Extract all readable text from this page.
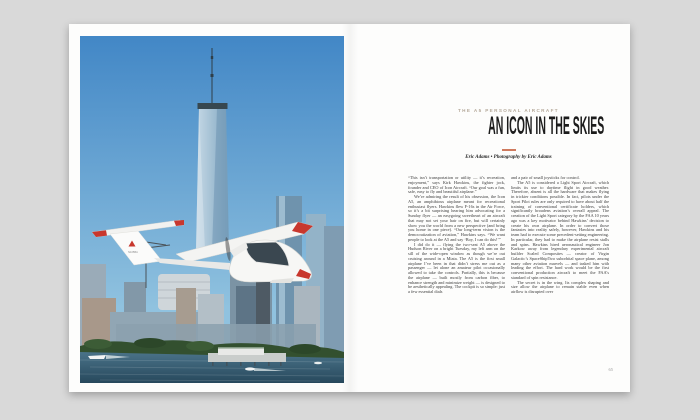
N105BA
THE A5 PERSONAL AIRCRAFT
AN ICON IN THE SKIES
Eric Adams • Photography by Eric Adams

“This isn’t transportation or utility — it’s recreation, enjoyment,” says Kirk Hawkins, the fighter jock, founder and CEO of Icon Aircraft. “Our goal was a fun, safe, easy to fly and beautiful airplane.”

We’re admiring the result of his obsession, the Icon A5, an amphibious airplane meant for recreational enthusiast flyers. Hawkins flew F-16s in the Air Force, so it’s a bit surprising hearing him advocating for a Sunday flyer — an easygoing sweetheart of an aircraft that may not set your hair on fire, but will certainly show you the world from a new perspective (and bring you home in one piece). “Our long-term vision is the democratization of aviation,” Hawkins says. “We want people to look at the A5 and say ‘Boy, I can do this!’”

I did do it — flying the two-seat A5 above the Hudson River on a bright Tuesday, my left arm on the sill of the wide-open window as though we’re out cruising around in a Miata. The A5 is the first small airplane I’ve been in that didn’t stress me out as a passenger — let alone an amateur pilot occasionally allowed to take the controls. Partially, this is because the airplane — built mostly from carbon fiber, to enhance strength and minimize weight — is designed to be aesthetically appealing. The cockpit is so simple: just a few essential dials

and a pair of small joysticks for control.

The A5 is considered a Light Sport Aircraft, which limits its use to daytime flight in good weather. Therefore, absent is all the hardware that makes flying in trickier conditions possible. In fact, pilots under the Sport Pilot rules are only required to have about half the training of conventional certificate holders, which significantly broadens aviation’s overall appeal. The creation of the Light Sport category by the FAA 10 years ago was a key motivator behind Hawkins’ decision to create his own airplane. In order to convert those fantasies into reality safely, however, Hawkins and his team had to execute some precedent-setting engineering. In particular, they had to make the airplane resist stalls and spins. Hawkins hired aeronautical engineer Jon Karkow away from legendary experimental aircraft builder Scaled Composites — creator of Virgin Galactic’s SpaceShipTwo suborbital space plane, among many other aviation marvels — and tasked him with leading the effort. The hard work would be the first conventional production aircraft to meet the FAA’s standard of spin resistance.

The secret is in the wing. Its complex shaping and size allow the airplane to remain stable even when airflow is disrupted over

65
